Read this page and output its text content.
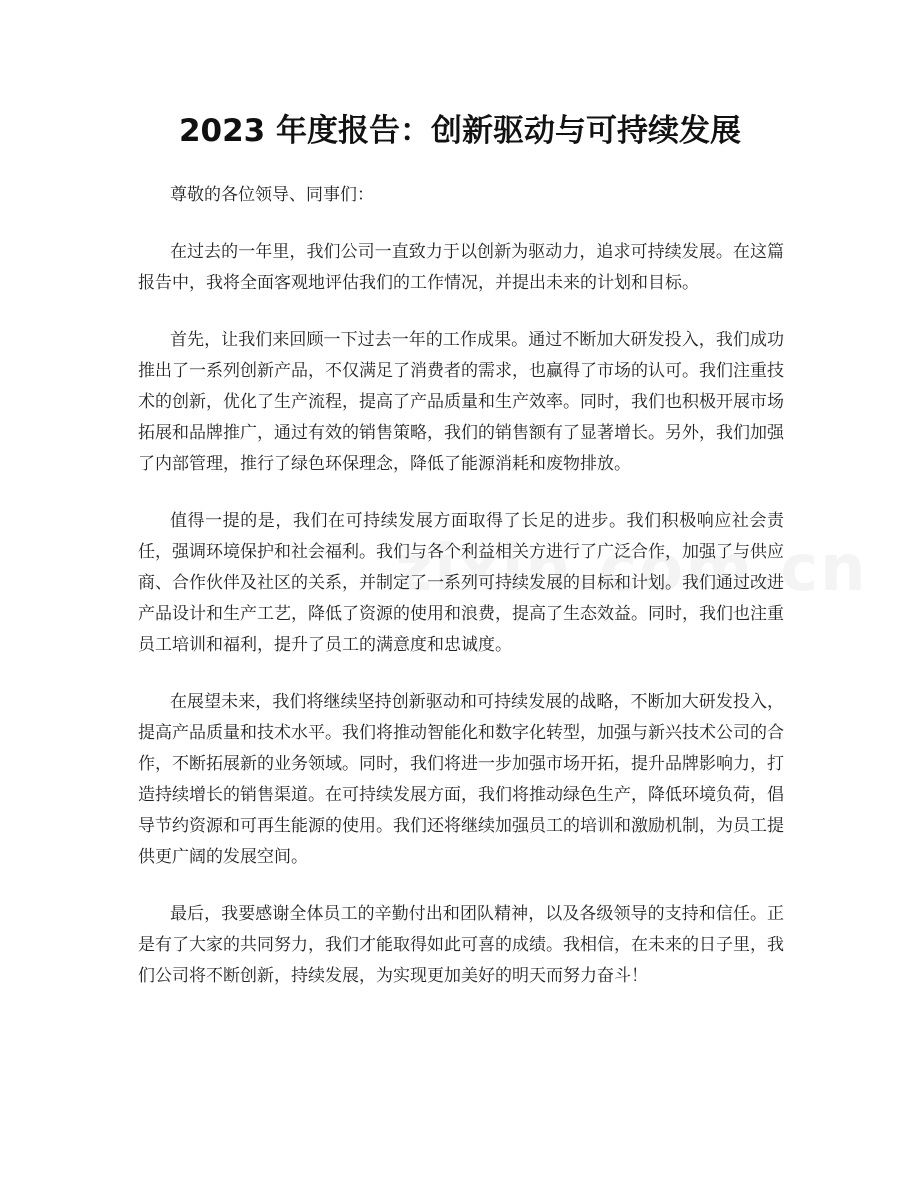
2023 年度报告：创新驱动与可持续发展

尊敬的各位领导、同事们：

在过去的一年里，我们公司一直致力于以创新为驱动力，追求可持续发展。在这篇报告中，我将全面客观地评估我们的工作情况，并提出未来的计划和目标。

首先，让我们来回顾一下过去一年的工作成果。通过不断加大研发投入，我们成功推出了一系列创新产品，不仅满足了消费者的需求，也赢得了市场的认可。我们注重技术的创新，优化了生产流程，提高了产品质量和生产效率。同时，我们也积极开展市场拓展和品牌推广，通过有效的销售策略，我们的销售额有了显著增长。另外，我们加强了内部管理，推行了绿色环保理念，降低了能源消耗和废物排放。

值得一提的是，我们在可持续发展方面取得了长足的进步。我们积极响应社会责任，强调环境保护和社会福利。我们与各个利益相关方进行了广泛合作，加强了与供应商、合作伙伴及社区的关系，并制定了一系列可持续发展的目标和计划。我们通过改进产品设计和生产工艺，降低了资源的使用和浪费，提高了生态效益。同时，我们也注重员工培训和福利，提升了员工的满意度和忠诚度。

在展望未来，我们将继续坚持创新驱动和可持续发展的战略，不断加大研发投入，提高产品质量和技术水平。我们将推动智能化和数字化转型，加强与新兴技术公司的合作，不断拓展新的业务领域。同时，我们将进一步加强市场开拓，提升品牌影响力，打造持续增长的销售渠道。在可持续发展方面，我们将推动绿色生产，降低环境负荷，倡导节约资源和可再生能源的使用。我们还将继续加强员工的培训和激励机制，为员工提供更广阔的发展空间。

最后，我要感谢全体员工的辛勤付出和团队精神，以及各级领导的支持和信任。正是有了大家的共同努力，我们才能取得如此可喜的成绩。我相信，在未来的日子里，我们公司将不断创新，持续发展，为实现更加美好的明天而努力奋斗！
